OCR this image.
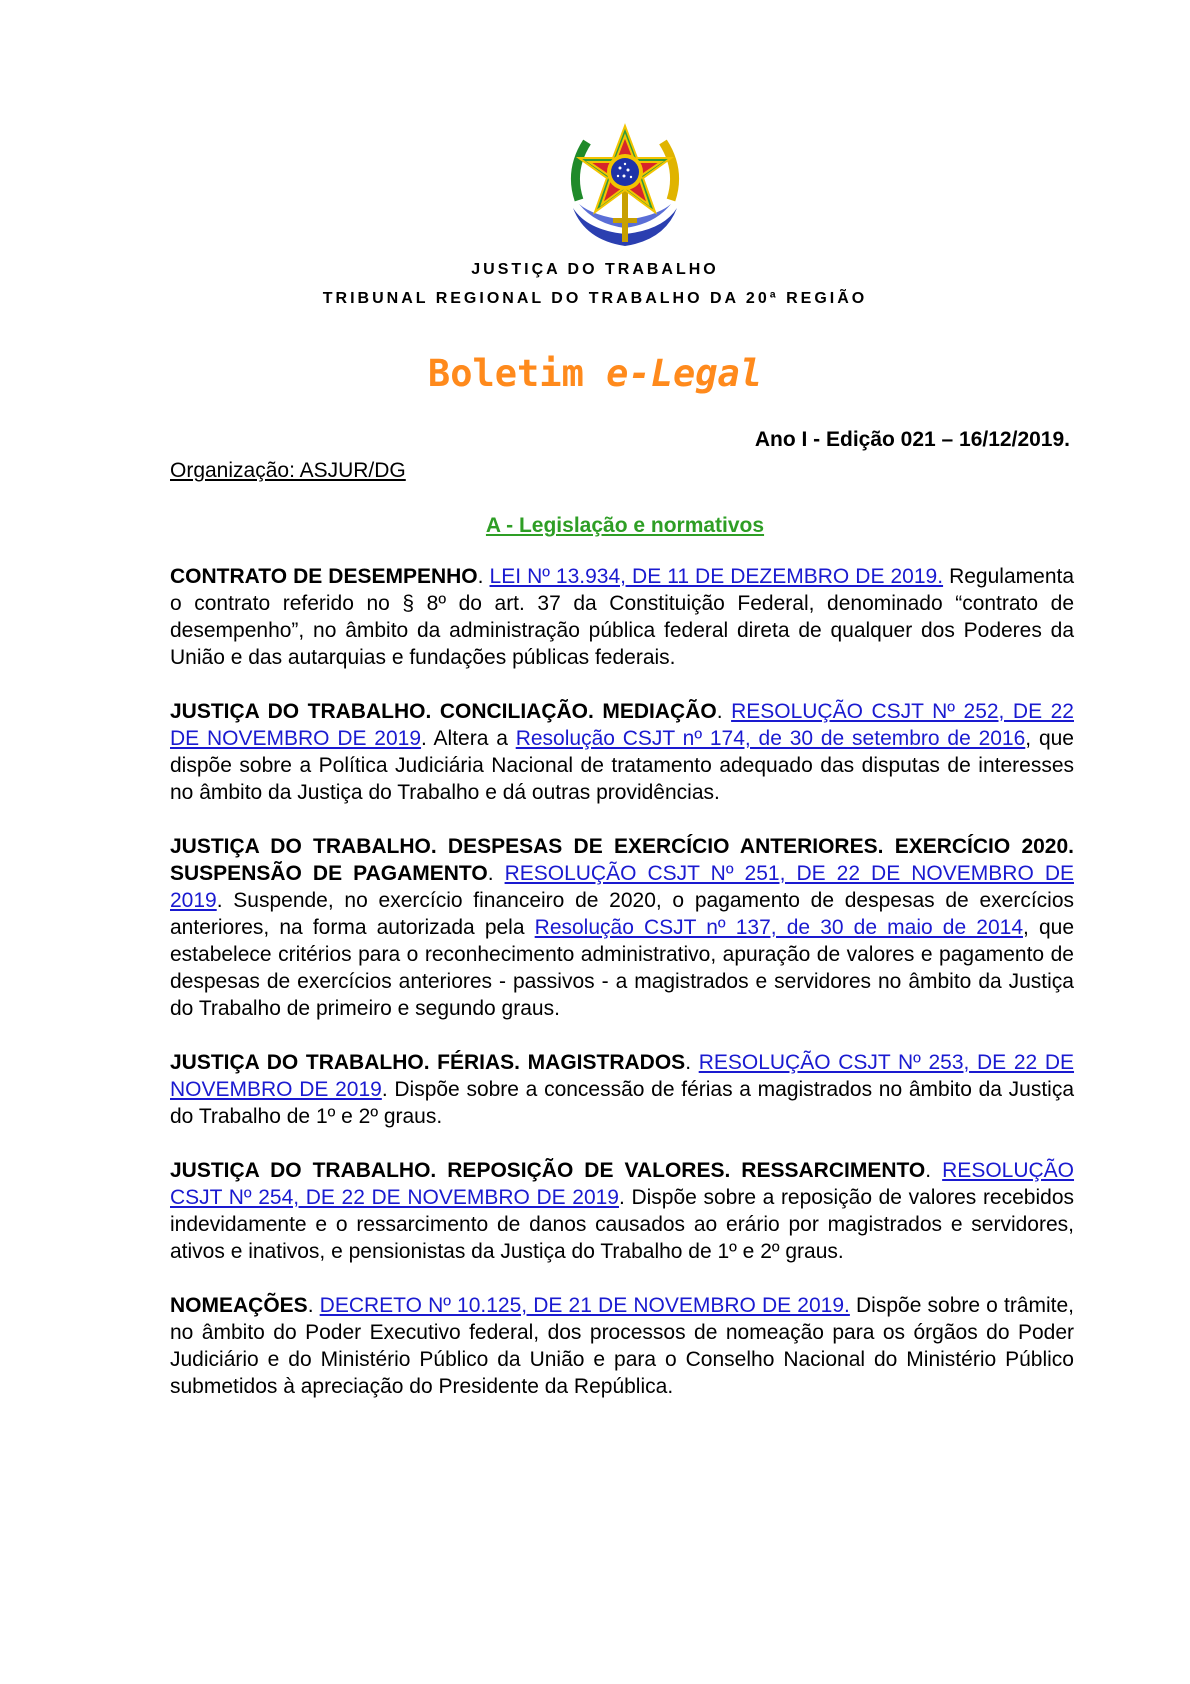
JUSTIÇA DO TRABALHO
TRIBUNAL REGIONAL DO TRABALHO DA 20ª REGIÃO
Boletim e-Legal
Ano I - Edição 021 – 16/12/2019.
Organização: ASJUR/DG
A - Legislação e normativos

CONTRATO DE DESEMPENHO. LEI Nº 13.934, DE 11 DE DEZEMBRO DE 2019. Regulamenta o contrato referido no § 8º do art. 37 da Constituição Federal, denominado “contrato de desempenho”, no âmbito da administração pública federal direta de qualquer dos Poderes da União e das autarquias e fundações públicas federais.

JUSTIÇA DO TRABALHO. CONCILIAÇÃO. MEDIAÇÃO. RESOLUÇÃO CSJT Nº 252, DE 22 DE NOVEMBRO DE 2019. Altera a Resolução CSJT nº 174, de 30 de setembro de 2016, que dispõe sobre a Política Judiciária Nacional de tratamento adequado das disputas de interesses no âmbito da Justiça do Trabalho e dá outras providências.

JUSTIÇA DO TRABALHO. DESPESAS DE EXERCÍCIO ANTERIORES. EXERCÍCIO 2020. SUSPENSÃO DE PAGAMENTO. RESOLUÇÃO CSJT Nº 251, DE 22 DE NOVEMBRO DE 2019. Suspende, no exercício financeiro de 2020, o pagamento de despesas de exercícios anteriores, na forma autorizada pela Resolução CSJT nº 137, de 30 de maio de 2014, que estabelece critérios para o reconhecimento administrativo, apuração de valores e pagamento de despesas de exercícios anteriores - passivos - a magistrados e servidores no âmbito da Justiça do Trabalho de primeiro e segundo graus.

JUSTIÇA DO TRABALHO. FÉRIAS. MAGISTRADOS. RESOLUÇÃO CSJT Nº 253, DE 22 DE NOVEMBRO DE 2019. Dispõe sobre a concessão de férias a magistrados no âmbito da Justiça do Trabalho de 1º e 2º graus.

JUSTIÇA DO TRABALHO. REPOSIÇÃO DE VALORES. RESSARCIMENTO. RESOLUÇÃO CSJT Nº 254, DE 22 DE NOVEMBRO DE 2019. Dispõe sobre a reposição de valores recebidos indevidamente e o ressarcimento de danos causados ao erário por magistrados e servidores, ativos e inativos, e pensionistas da Justiça do Trabalho de 1º e 2º graus.

NOMEAÇÕES. DECRETO Nº 10.125, DE 21 DE NOVEMBRO DE 2019. Dispõe sobre o trâmite, no âmbito do Poder Executivo federal, dos processos de nomeação para os órgãos do Poder Judiciário e do Ministério Público da União e para o Conselho Nacional do Ministério Público submetidos à apreciação do Presidente da República.
